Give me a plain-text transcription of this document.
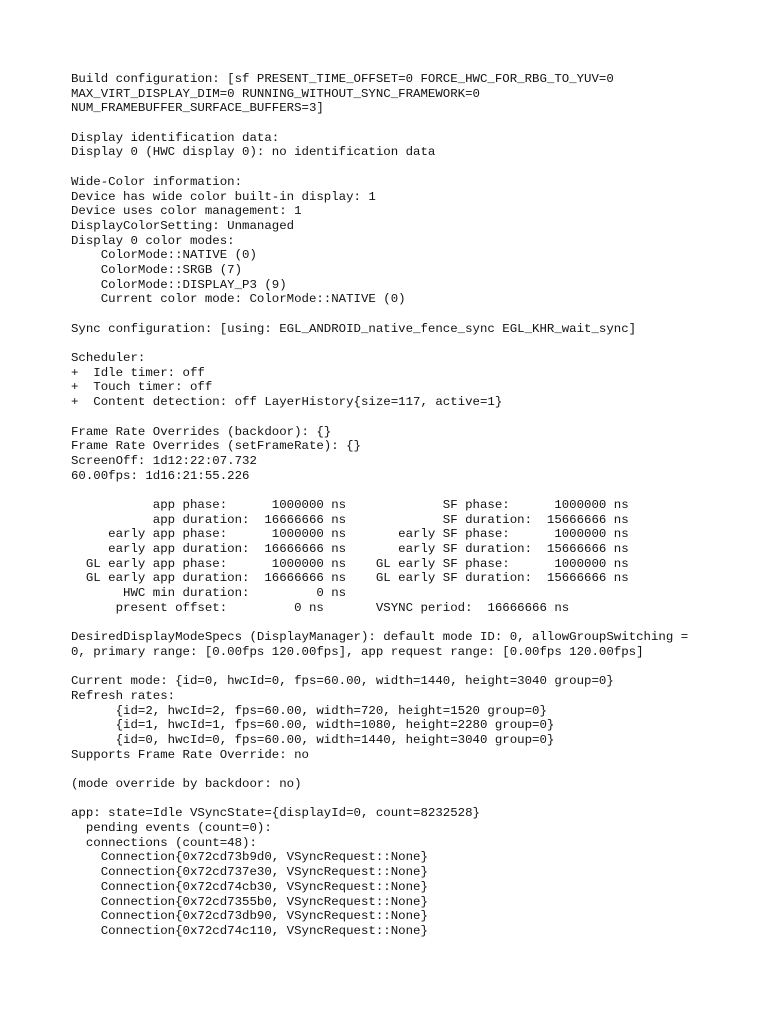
Build configuration: [sf PRESENT_TIME_OFFSET=0 FORCE_HWC_FOR_RBG_TO_YUV=0
MAX_VIRT_DISPLAY_DIM=0 RUNNING_WITHOUT_SYNC_FRAMEWORK=0
NUM_FRAMEBUFFER_SURFACE_BUFFERS=3]
Display identification data:
Display 0 (HWC display 0): no identification data
Wide-Color information:
Device has wide color built-in display: 1
Device uses color management: 1
DisplayColorSetting: Unmanaged
Display 0 color modes:
ColorMode::NATIVE (0)
ColorMode::SRGB (7)
ColorMode::DISPLAY_P3 (9)
Current color mode: ColorMode::NATIVE (0)
Sync configuration: [using: EGL_ANDROID_native_fence_sync EGL_KHR_wait_sync]
Scheduler:
+  Idle timer: off
+  Touch timer: off
+  Content detection: off LayerHistory{size=117, active=1}
Frame Rate Overrides (backdoor): {}
Frame Rate Overrides (setFrameRate): {}
ScreenOff: 1d12:22:07.732
60.00fps: 1d16:21:55.226
app phase:      1000000 ns             SF phase:      1000000 ns
app duration:  16666666 ns             SF duration:  15666666 ns
early app phase:      1000000 ns       early SF phase:      1000000 ns
early app duration:  16666666 ns       early SF duration:  15666666 ns
GL early app phase:      1000000 ns    GL early SF phase:      1000000 ns
GL early app duration:  16666666 ns    GL early SF duration:  15666666 ns
HWC min duration:         0 ns
present offset:         0 ns       VSYNC period:  16666666 ns
DesiredDisplayModeSpecs (DisplayManager): default mode ID: 0, allowGroupSwitching =
0, primary range: [0.00fps 120.00fps], app request range: [0.00fps 120.00fps]
Current mode: {id=0, hwcId=0, fps=60.00, width=1440, height=3040 group=0}
Refresh rates:
{id=2, hwcId=2, fps=60.00, width=720, height=1520 group=0}
{id=1, hwcId=1, fps=60.00, width=1080, height=2280 group=0}
{id=0, hwcId=0, fps=60.00, width=1440, height=3040 group=0}
Supports Frame Rate Override: no
(mode override by backdoor: no)
app: state=Idle VSyncState={displayId=0, count=8232528}
pending events (count=0):
connections (count=48):
Connection{0x72cd73b9d0, VSyncRequest::None}
Connection{0x72cd737e30, VSyncRequest::None}
Connection{0x72cd74cb30, VSyncRequest::None}
Connection{0x72cd7355b0, VSyncRequest::None}
Connection{0x72cd73db90, VSyncRequest::None}
Connection{0x72cd74c110, VSyncRequest::None}
